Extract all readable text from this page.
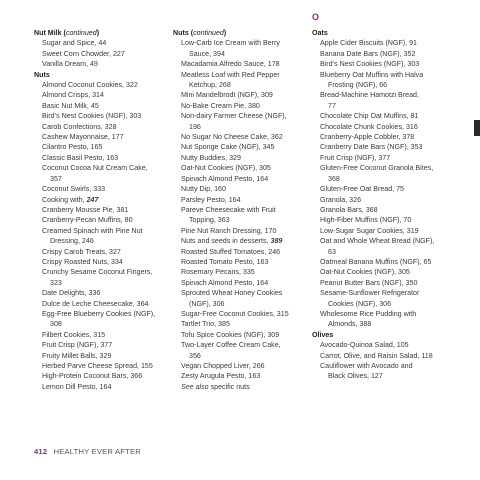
O
Nut Milk (continued)
Sugar and Spice, 44
Sweet Corn Chowder, 227
Vanilla Dream, 49
Nuts
Almond Coconut Cookies, 322
Almond Crisps, 314
Basic Nut Milk, 45
Bird’s Nest Cookies (NGF), 303
Carob Confections, 328
Cashew Mayonnaise, 177
Cilantro Pesto, 165
Classic Basil Pesto, 163
Coconut Cocoa Nut Cream Cake,
357
Coconut Swirls, 333
Cooking with, 247
Cranberry Mousse Pie, 381
Cranberry-Pecan Muffins, 80
Creamed Spinach with Pine Nut
Dressing, 246
Crispy Carob Treats, 327
Crispy Roasted Nuts, 334
Crunchy Sesame Coconut Fingers,
323
Date Delights, 336
Dulce de Leche Cheesecake, 364
Egg-Free Blueberry Cookies (NGF),
308
Filbert Cookies, 315
Fruit Crisp (NGF), 377
Fruity Millet Balls, 329
Herbed Parve Cheese Spread, 155
High-Protein Coconut Bars, 366
Lemon Dill Pesto, 164
Nuts (continued)
Low-Carb Ice Cream with Berry
Sauce, 394
Macadamia Alfredo Sauce, 178
Meatless Loaf with Red Pepper
Ketchup, 268
Mini Mandelbrodt (NGF), 309
No-Bake Cream Pie, 380
Non-dairy Farmer Cheese (NGF),
196
No Sugar No Cheese Cake, 362
Nut Sponge Cake (NGF), 345
Nutty Buddies, 329
Oat-Nut Cookies (NGF), 305
Spinach Almond Pesto, 164
Nutty Dip, 160
Parsley Pesto, 164
Pareve Cheesecake with Fruit
Topping, 363
Pine Nut Ranch Dressing, 170
Nuts and seeds in desserts, 389
Roasted Stuffed Tomatoes, 246
Roasted Tomato Pesto, 163
Rosemary Pecans, 335
Spinach Almond Pesto, 164
Sprouted Wheat Honey Cookies
(NGF), 306
Sugar-Free Coconut Cookies, 315
Tartlet Trio, 385
Tofu Spice Cookies (NGF), 309
Two-Layer Coffee Cream Cake,
356
Vegan Chopped Liver, 266
Zesty Arugula Pesto, 163
See also specific nuts
Oats
Apple Cider Biscuits (NGF), 91
Banana Date Bars (NGF), 352
Bird’s Nest Cookies (NGF), 303
Blueberry Oat Muffins with Halva
Frosting (NGF), 66
Bread-Machine Hamotzi Bread,
77
Chocolate Chip Oat Muffins, 81
Chocolate Chunk Cookies, 316
Cranberry-Apple Cobbler, 378
Cranberry Date Bars (NGF), 353
Fruit Crisp (NGF), 377
Gluten-Free Coconut Granola Bites,
368
Gluten-Free Oat Bread, 75
Granola, 326
Granola Bars, 368
High-Fiber Muffins (NGF), 70
Low-Sugar Sugar Cookies, 319
Oat and Whole Wheat Bread (NGF),
63
Oatmeal Banana Muffins (NGF), 65
Oat-Nut Cookies (NGF), 305
Peanut Butter Bars (NGF), 350
Sesame-Sunflower Refrigerator
Cookies (NGF), 306
Wholesome Rice Pudding with
Almonds, 388
Olives
Avocado-Quinoa Salad, 105
Carrot, Olive, and Raisin Salad, 118
Cauliflower with Avocado and
Black Olives, 127
412 HEALTHY EVER AFTER
